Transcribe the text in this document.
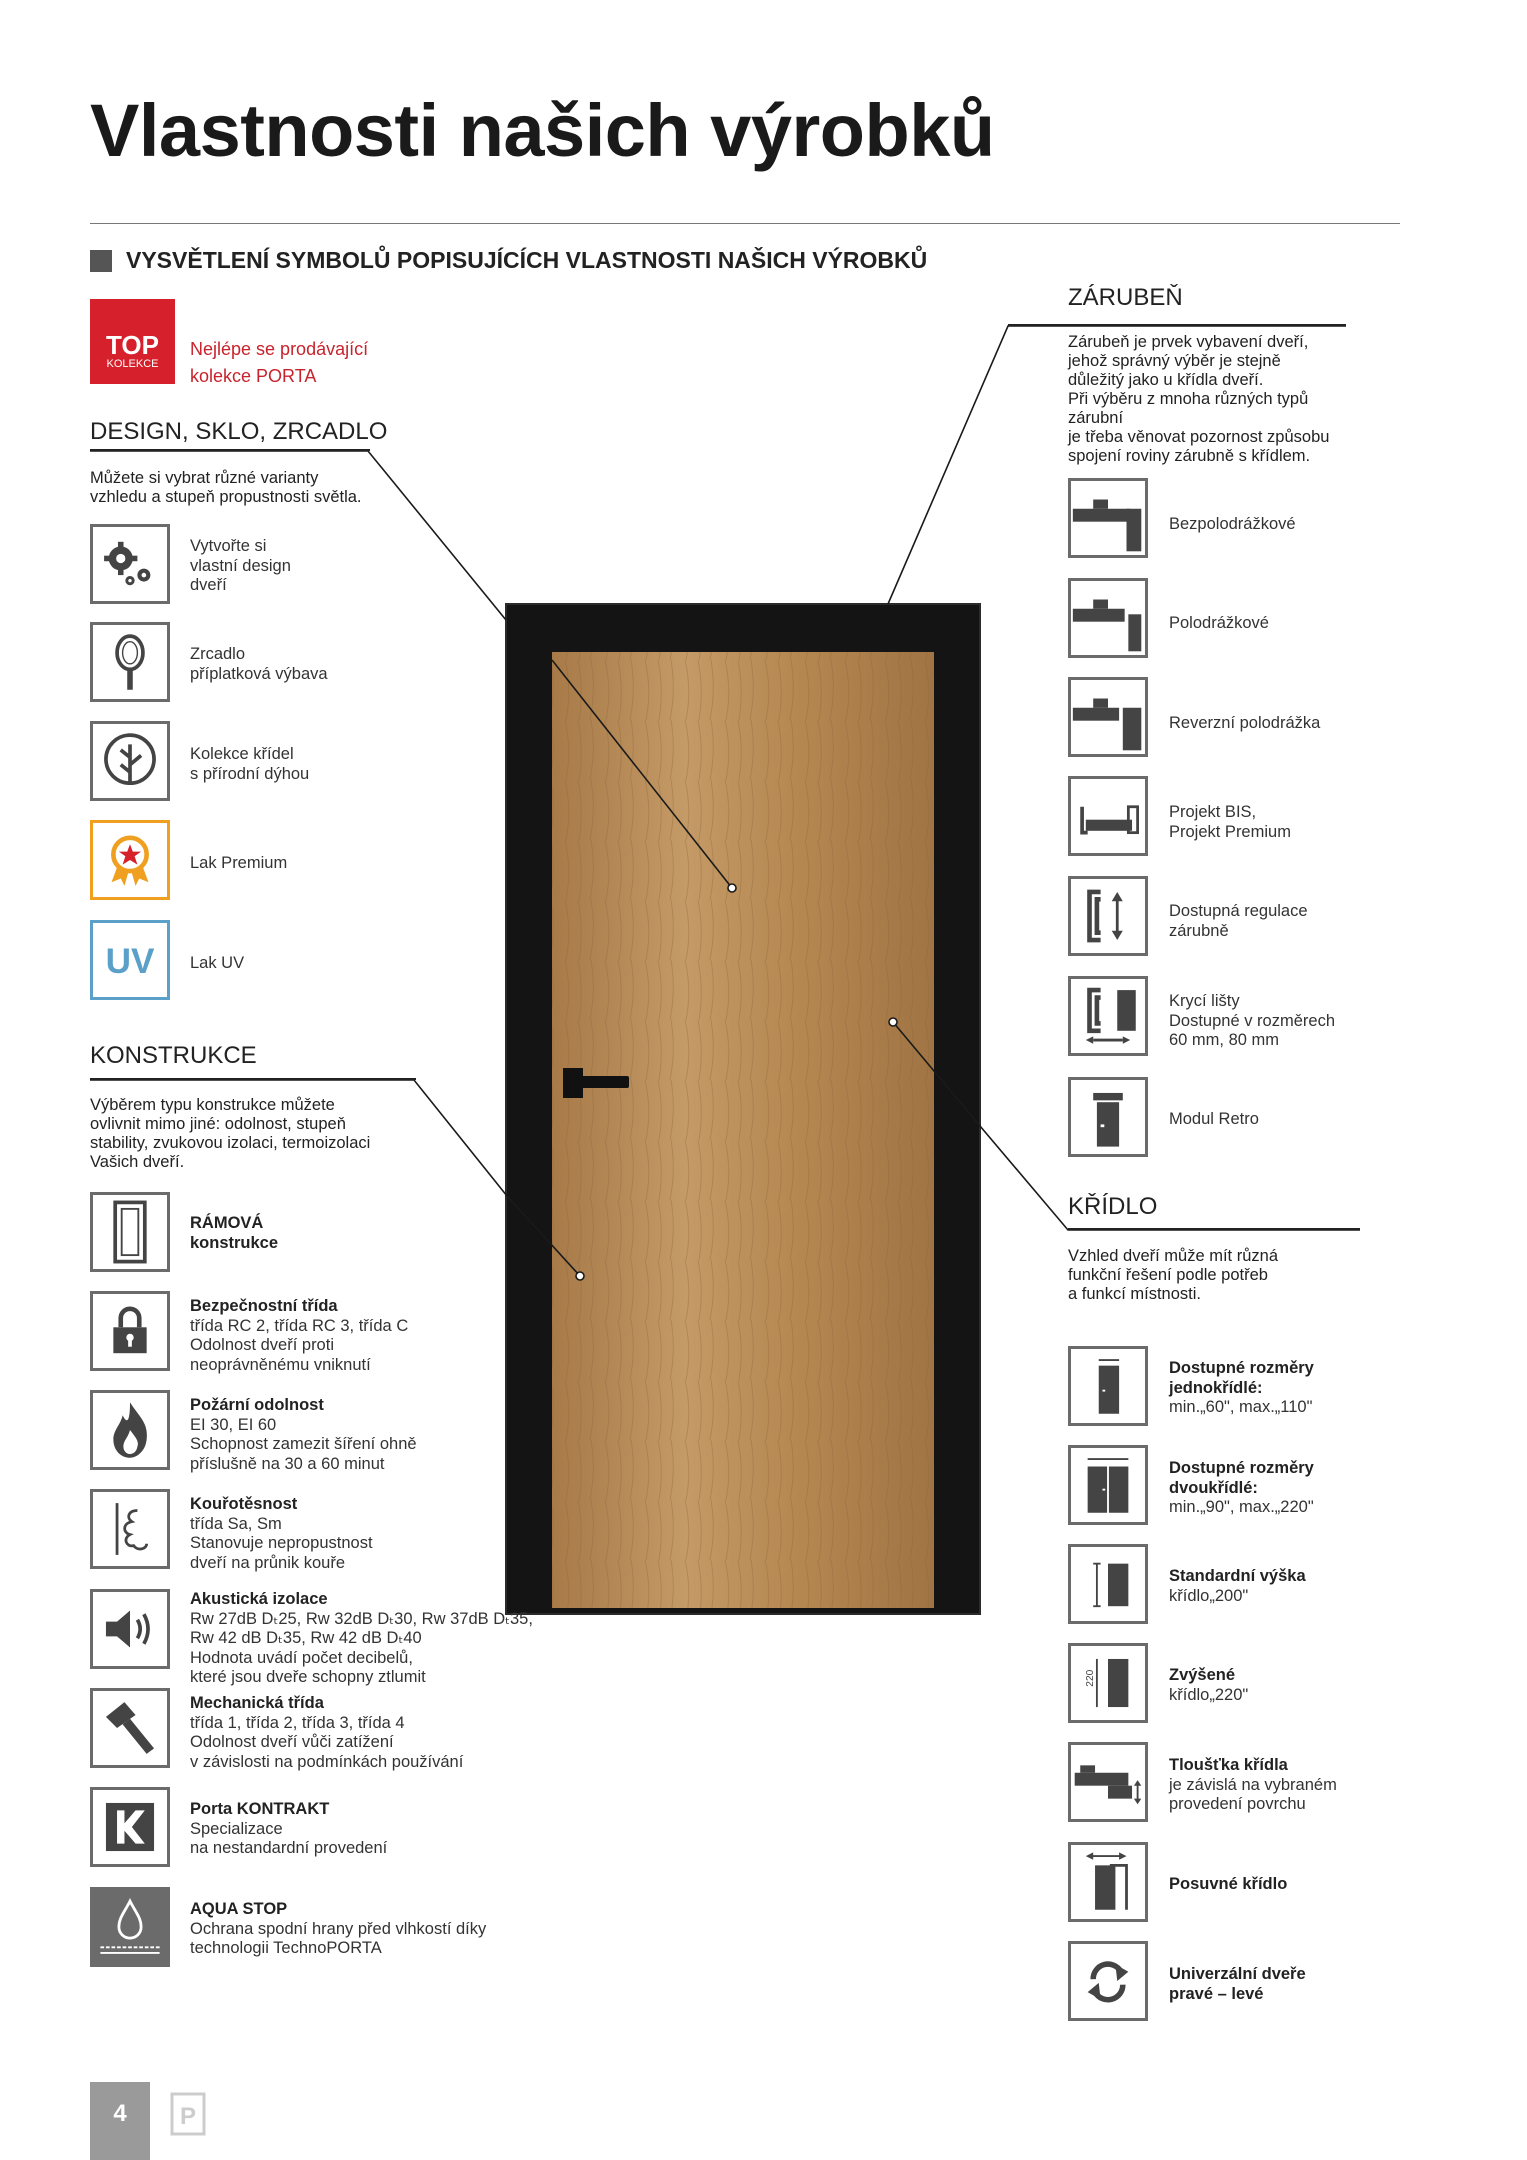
Vlastnosti našich výrobků
VYSVĚTLENÍ SYMBOLŮ POPISUJÍCÍCH VLASTNOSTI NAŠICH VÝROBKŮ
TOP
KOLEKCE
Nejlépe se prodávající
kolekce PORTA
DESIGN, SKLO, ZRCADLO
Můžete si vybrat různé varianty
vzhledu a stupeň propustnosti světla.
Vytvořte si
vlastní design
dveří
Zrcadlo
příplatková výbava
Kolekce křídel
s přírodní dýhou
Lak Premium
UV Lak UV
KONSTRUKCE
Výběrem typu konstrukce můžete
ovlivnit mimo jiné: odolnost, stupeň
stability, zvukovou izolaci, termoizolaci
Vašich dveří.
RÁMOVÁ
konstrukce
Bezpečnostní třída
třída RC 2, třída RC 3, třída C
Odolnost dveří proti
neoprávněnému vniknutí
Požární odolnost
EI 30, EI 60
Schopnost zamezit šíření ohně
příslušně na 30 a 60 minut
Kouřotěsnost
třída Sa, Sm
Stanovuje nepropustnost
dveří na průnik kouře
Akustická izolace
Rw 27dB Dₜ25, Rw 32dB Dₜ30, Rw 37dB Dₜ35,
Rw 42 dB Dₜ35, Rw 42 dB Dₜ40
Hodnota uvádí počet decibelů,
které jsou dveře schopny ztlumit
Mechanická třída
třída 1, třída 2, třída 3, třída 4
Odolnost dveří vůči zatížení
v závislosti na podmínkách používání
Porta KONTRAKT
Specializace
na nestandardní provedení
AQUA STOP
Ochrana spodní hrany před vlhkostí díky
technologii TechnoPORTA
ZÁRUBEŇ
Zárubeň je prvek vybavení dveří,
jehož správný výběr je stejně
důležitý jako u křídla dveří.
Při výběru z mnoha různých typů
zárubní
je třeba věnovat pozornost způsobu
spojení roviny zárubně s křídlem.
Bezpolodrážkové
Polodrážkové
Reverzní polodrážka
Projekt BIS,
Projekt Premium
Dostupná regulace
zárubně
Krycí lišty
Dostupné v rozměrech
60 mm, 80 mm
Modul Retro
KŘÍDLO
Vzhled dveří může mít různá
funkční řešení podle potřeb
a funkcí místnosti.
Dostupné rozměry
jednokřídlé:
min.„60", max.„110"
Dostupné rozměry
dvoukřídlé:
min.„90", max.„220"
Standardní výška
křídlo„200"
220	Zvýšené
křídlo„220"
Tloušťka křídla
je závislá na vybraném
provedení povrchu
Posuvné křídlo
Univerzální dveře
pravé – levé
4	P
